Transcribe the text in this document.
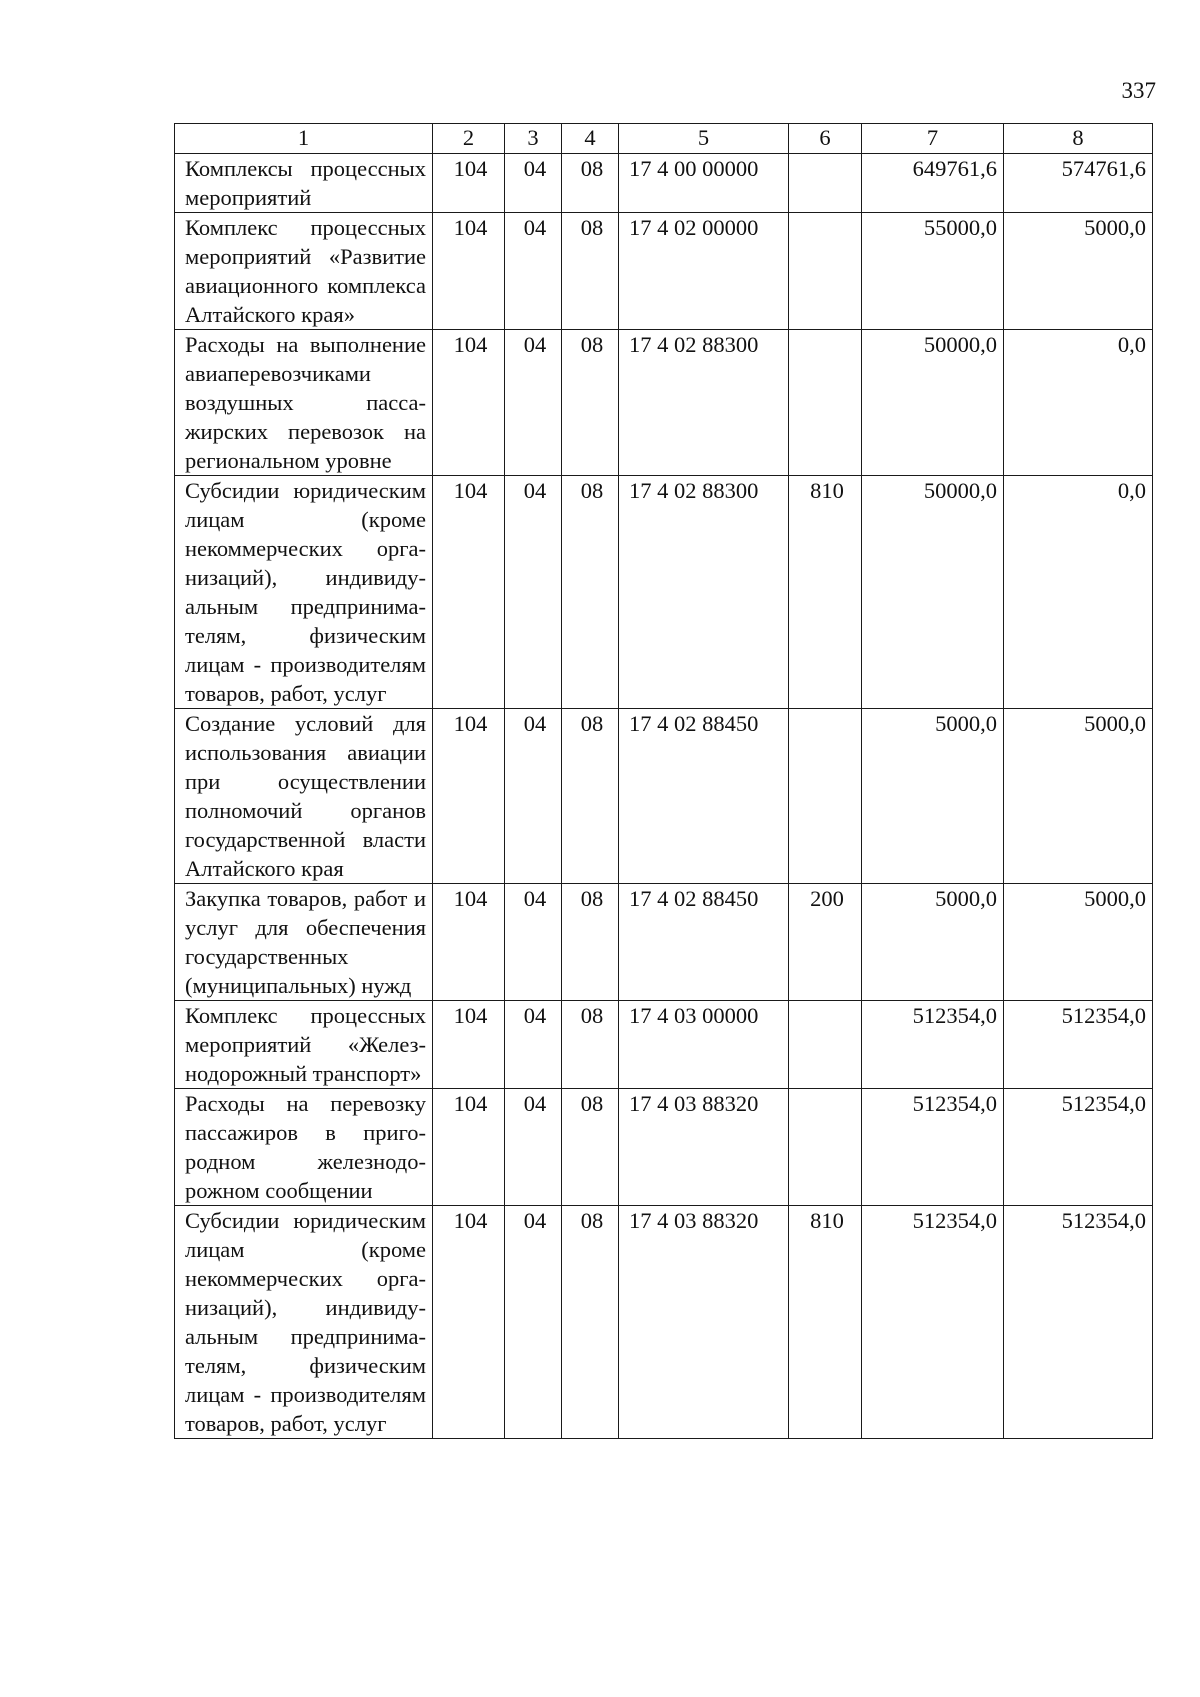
337
1	2	3	4	5	6	7	8
Комплексы процессных мероприятий	104	04	08	17 4 00 00000		649761,6	574761,6
Комплекс процессных мероприятий «Развитие авиационного комплекса Алтайского края»	104	04	08	17 4 02 00000		55000,0	5000,0
Расходы на выполнение авиаперевозчиками воздушных пассажирских перевозок на региональном уровне	104	04	08	17 4 02 88300		50000,0	0,0
Субсидии юридическим лицам (кроме некоммерческих организаций), индивидуальным предпринимателям, физическим лицам - производителям товаров, работ, услуг	104	04	08	17 4 02 88300	810	50000,0	0,0
Создание условий для использования авиации при осуществлении полномочий органов государственной власти Алтайского края	104	04	08	17 4 02 88450		5000,0	5000,0
Закупка товаров, работ и услуг для обеспечения государственных (муниципальных) нужд	104	04	08	17 4 02 88450	200	5000,0	5000,0
Комплекс процессных мероприятий «Железнодорожный транспорт»	104	04	08	17 4 03 00000		512354,0	512354,0
Расходы на перевозку пассажиров в пригородном железнодорожном сообщении	104	04	08	17 4 03 88320		512354,0	512354,0
Субсидии юридическим лицам (кроме некоммерческих организаций), индивидуальным предпринимателям, физическим лицам - производителям товаров, работ, услуг	104	04	08	17 4 03 88320	810	512354,0	512354,0
